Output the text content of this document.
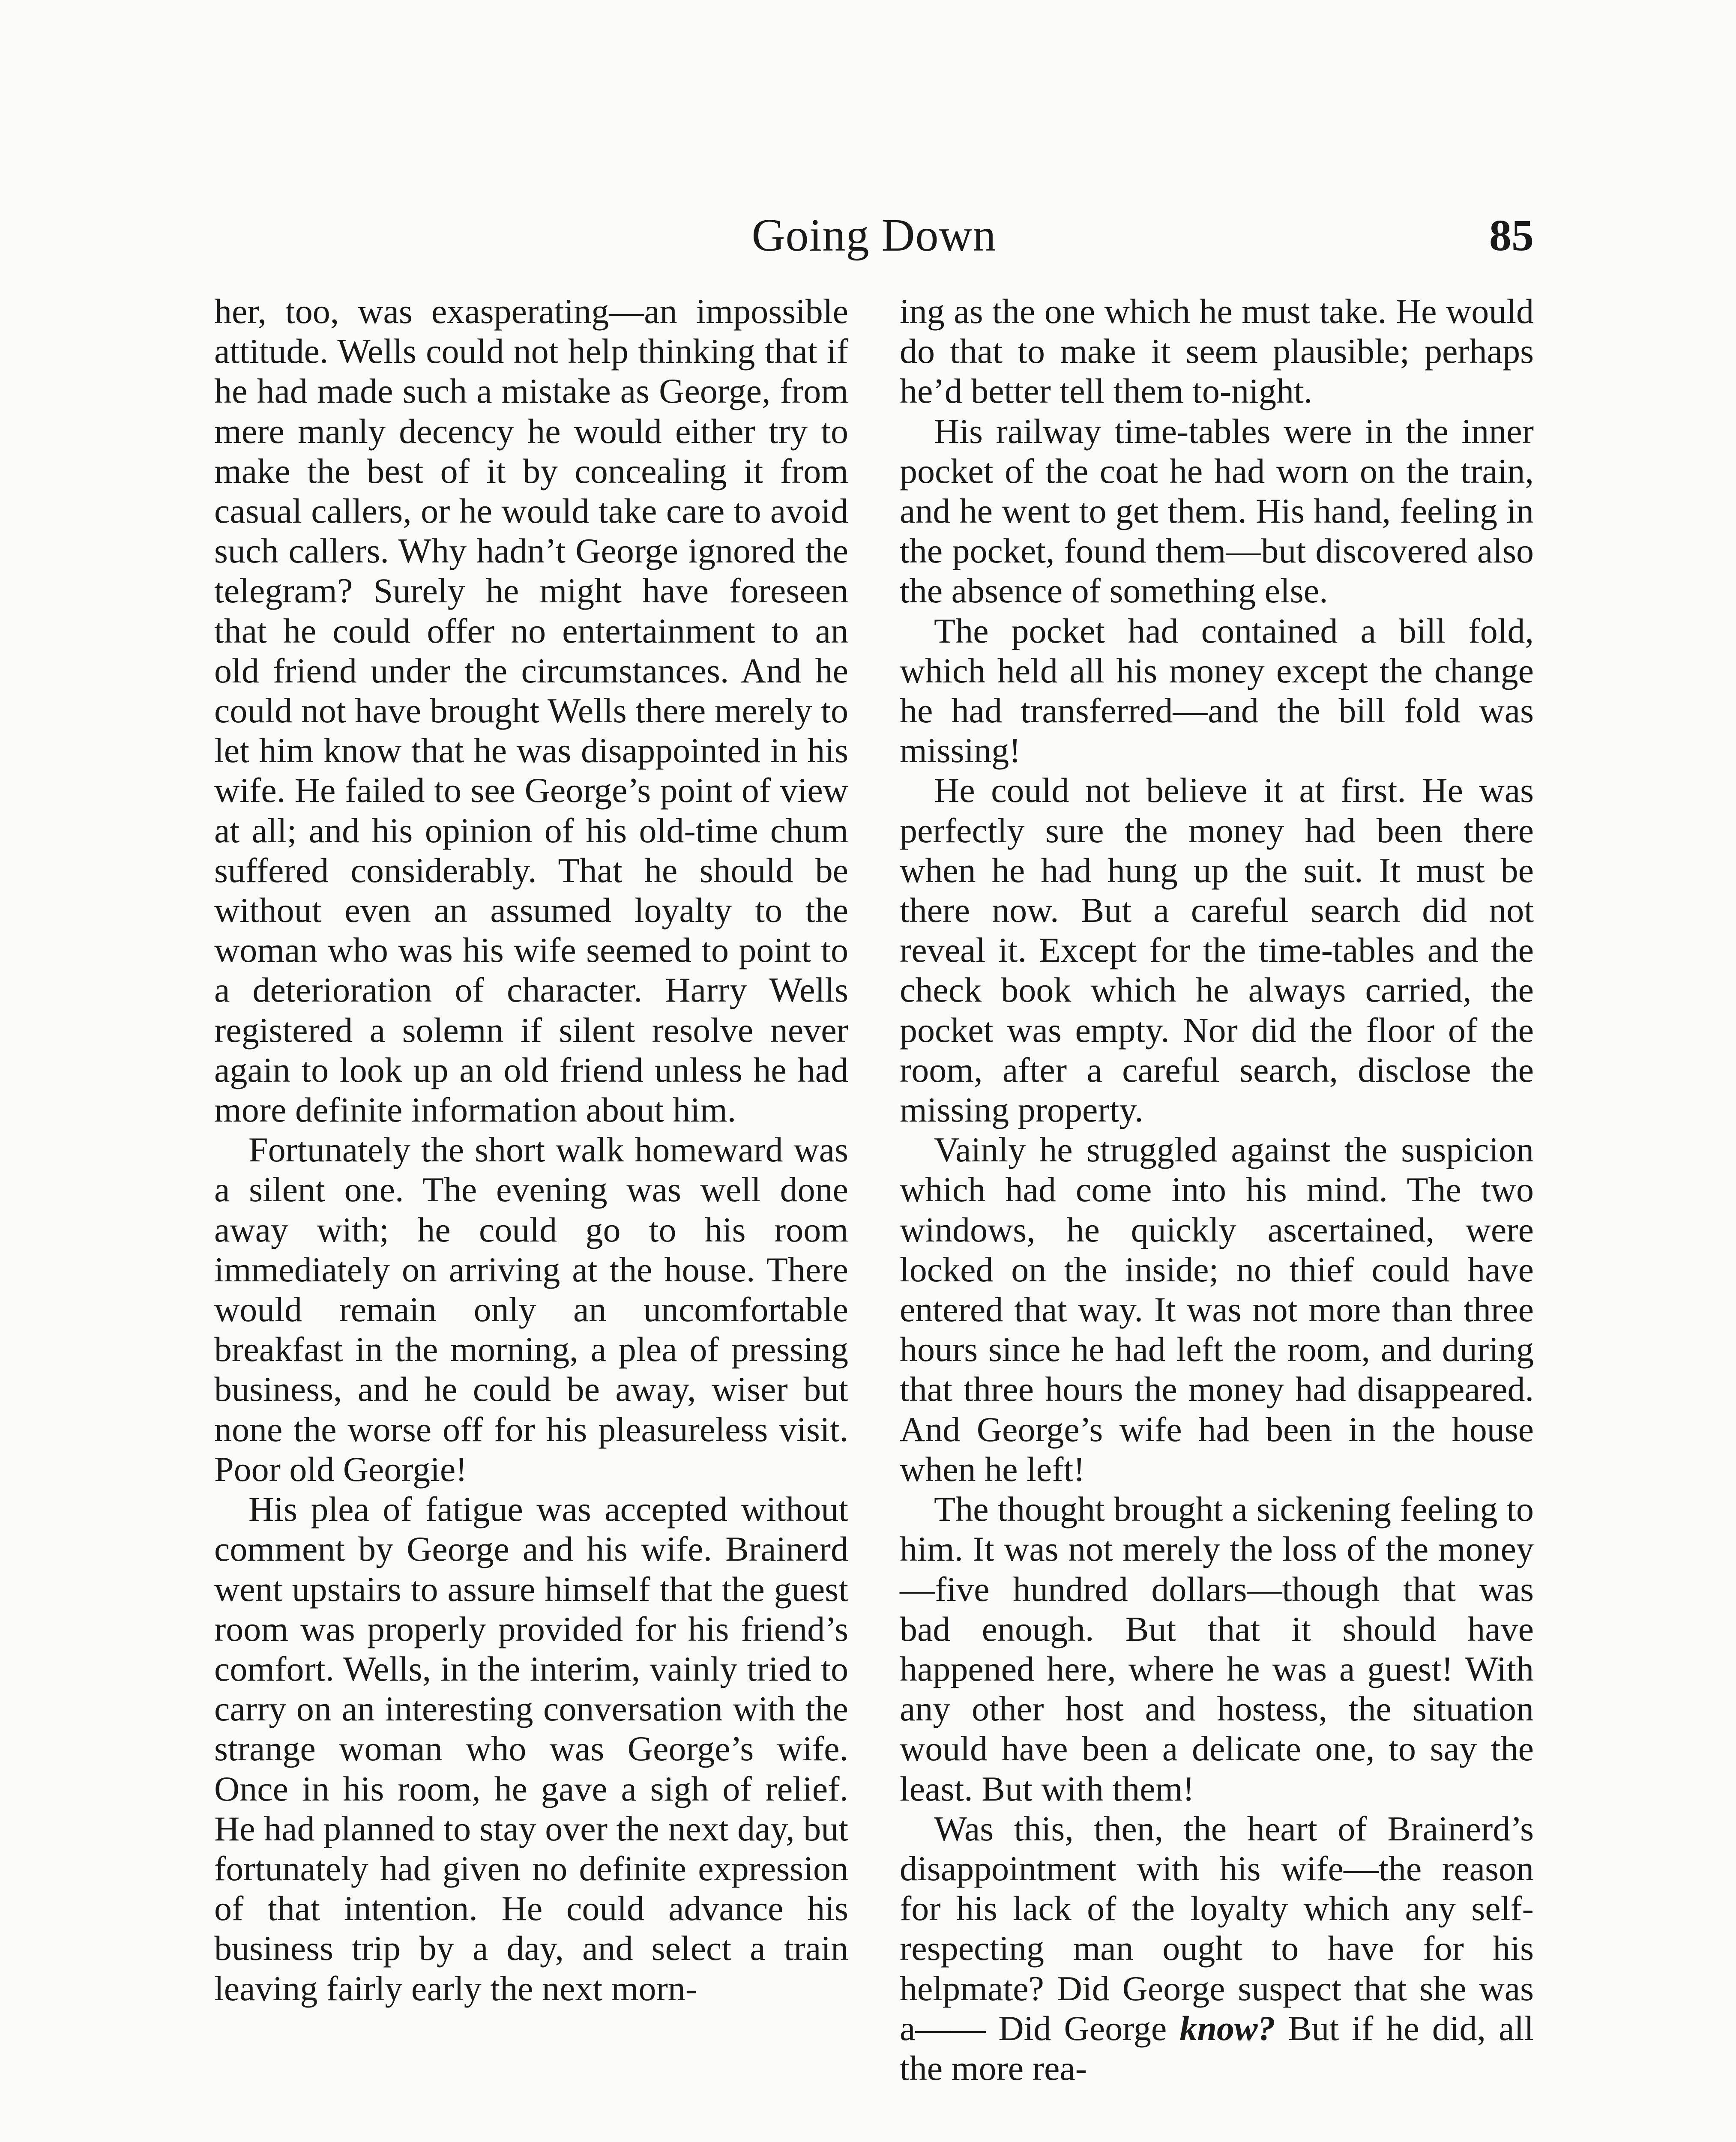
Going Down	85

her, too, was exasperating—an impossible attitude. Wells could not help thinking that if he had made such a mistake as George, from mere manly decency he would either try to make the best of it by concealing it from casual callers, or he would take care to avoid such callers. Why hadn’t George ignored the telegram? Surely he might have foreseen that he could offer no entertainment to an old friend under the circumstances. And he could not have brought Wells there merely to let him know that he was disappointed in his wife. He failed to see George’s point of view at all; and his opinion of his old-time chum suffered considerably. That he should be without even an assumed loyalty to the woman who was his wife seemed to point to a deterioration of character. Harry Wells registered a solemn if silent resolve never again to look up an old friend unless he had more definite information about him.

Fortunately the short walk homeward was a silent one. The evening was well done away with; he could go to his room immediately on arriving at the house. There would remain only an uncomfortable breakfast in the morning, a plea of pressing business, and he could be away, wiser but none the worse off for his pleasureless visit. Poor old Georgie!

His plea of fatigue was accepted without comment by George and his wife. Brainerd went upstairs to assure himself that the guest room was properly provided for his friend’s comfort. Wells, in the interim, vainly tried to carry on an interesting conversation with the strange woman who was George’s wife. Once in his room, he gave a sigh of relief. He had planned to stay over the next day, but fortunately had given no definite expression of that intention. He could advance his business trip by a day, and select a train leaving fairly early the next morn-

ing as the one which he must take. He would do that to make it seem plausible; perhaps he’d better tell them to-night.

His railway time-tables were in the inner pocket of the coat he had worn on the train, and he went to get them. His hand, feeling in the pocket, found them—but discovered also the absence of something else.

The pocket had contained a bill fold, which held all his money except the change he had transferred—and the bill fold was missing!

He could not believe it at first. He was perfectly sure the money had been there when he had hung up the suit. It must be there now. But a careful search did not reveal it. Except for the time-tables and the check book which he always carried, the pocket was empty. Nor did the floor of the room, after a careful search, disclose the missing property.

Vainly he struggled against the suspicion which had come into his mind. The two windows, he quickly ascertained, were locked on the inside; no thief could have entered that way. It was not more than three hours since he had left the room, and during that three hours the money had disappeared. And George’s wife had been in the house when he left!

The thought brought a sickening feeling to him. It was not merely the loss of the money—five hundred dollars—though that was bad enough. But that it should have happened here, where he was a guest! With any other host and hostess, the situation would have been a delicate one, to say the least. But with them!

Was this, then, the heart of Brainerd’s disappointment with his wife—the reason for his lack of the loyalty which any self-respecting man ought to have for his helpmate? Did George suspect that she was a—— Did George know? But if he did, all the more rea-
